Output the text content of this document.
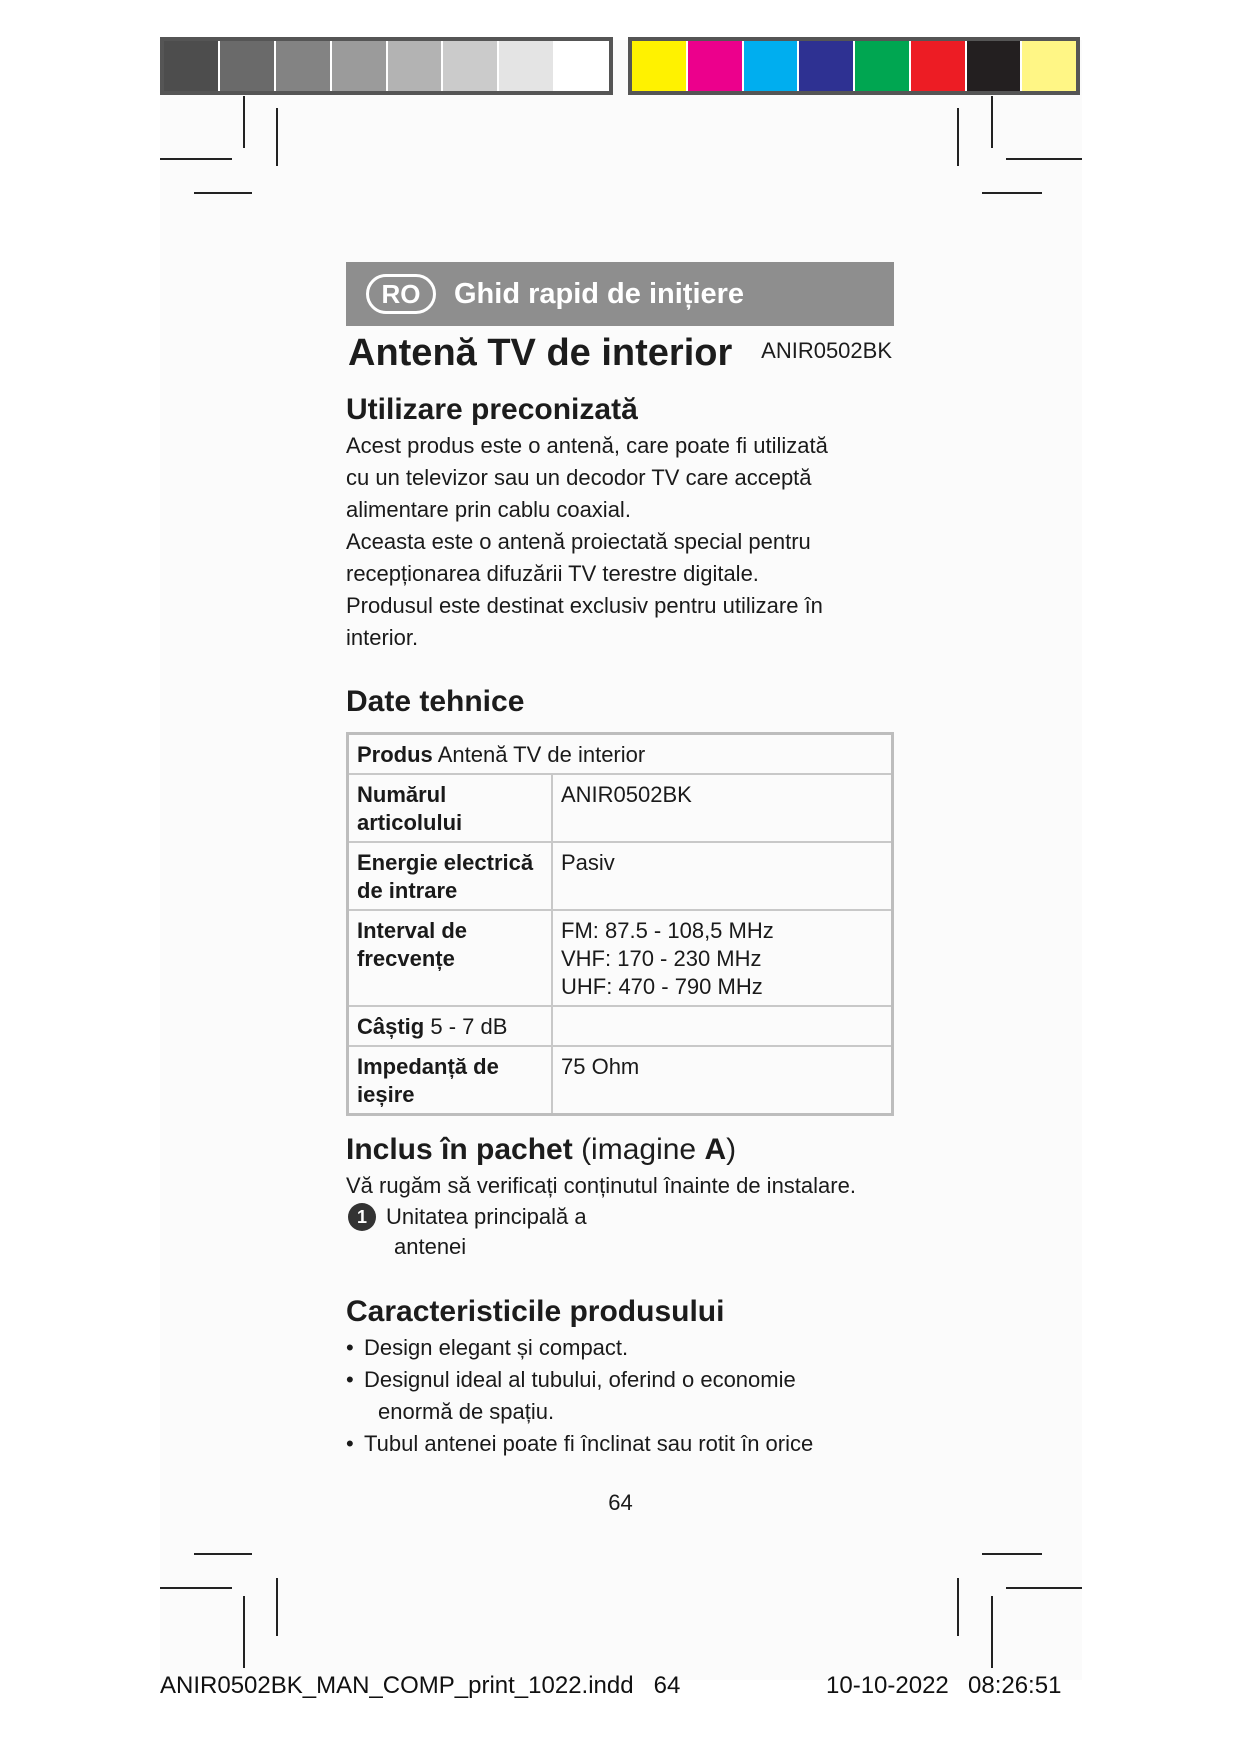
RO	Ghid rapid de inițiere
Antenă TV de interior ANIR0502BK
Utilizare preconizată

Acest produs este o antenă, care poate fi utilizată

cu un televizor sau un decodor TV care acceptă

alimentare prin cablu coaxial.

Aceasta este o antenă proiectată special pentru

recepționarea difuzării TV terestre digitale.

Produsul este destinat exclusiv pentru utilizare în

interior.

Date tehnice
Produs Antenă TV de interior	
Numărul articolului	ANIR0502BK
Energie electrică de intrare	Pasiv
Interval de frecvențe	FM: 87.5 - 108,5 MHz
VHF: 170 - 230 MHz
UHF: 470 - 790 MHz

Câștig 5 - 7 dB	
Impedanță de ieșire	75 Ohm
Inclus în pachet (imagine A)

Vă rugăm să verificați conținutul înainte de instalare.

1 Unitatea principală a
antenei
Caracteristicile produsului
• Design elegant și compact.
• Designul ideal al tubului, oferind o economie
enormă de spațiu.
• Tubul antenei poate fi înclinat sau rotit în orice
64
ANIR0502BK_MAN_COMP_print_1022.indd   64	10-10-2022 08:26:51
